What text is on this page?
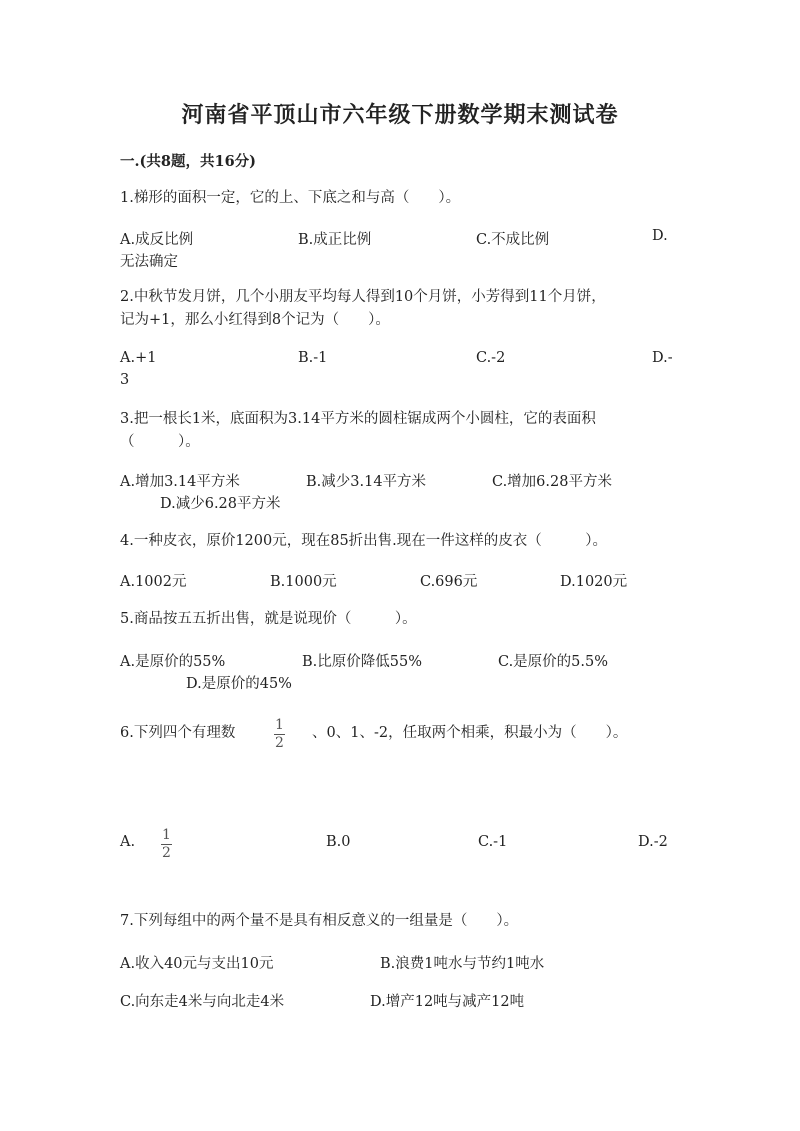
河南省平顶山市六年级下册数学期末测试卷
一.(共8题，共16分)
1.梯形的面积一定，它的上、下底之和与高（　　）。
A.成反比例	B.成正比例	C.不成比例	D.
无法确定
2.中秋节发月饼，几个小朋友平均每人得到10个月饼，小芳得到11个月饼，
记为+1，那么小红得到8个记为（　　）。
A.+1	B.-1	C.-2	D.-
3
3.把一根长1米，底面积为3.14平方米的圆柱锯成两个小圆柱，它的表面积
（　　　）。
A.增加3.14平方米	B.减少3.14平方米	C.增加6.28平方米
D.减少6.28平方米
4.一种皮衣，原价1200元，现在85折出售.现在一件这样的皮衣（　　　）。
A.1002元	B.1000元	C.696元	D.1020元
5.商品按五五折出售，就是说现价（　　　）。
A.是原价的55%	B.比原价降低55%	C.是原价的5.5%
D.是原价的45%
6.下列四个有理数	1
2
、0、1、-2，任取两个相乘，积最小为（　　）。
A. 1
2
B.0	C.-1	D.-2
7.下列每组中的两个量不是具有相反意义的一组量是（　　）。
A.收入40元与支出10元	B.浪费1吨水与节约1吨水
C.向东走4米与向北走4米	D.增产12吨与减产12吨
